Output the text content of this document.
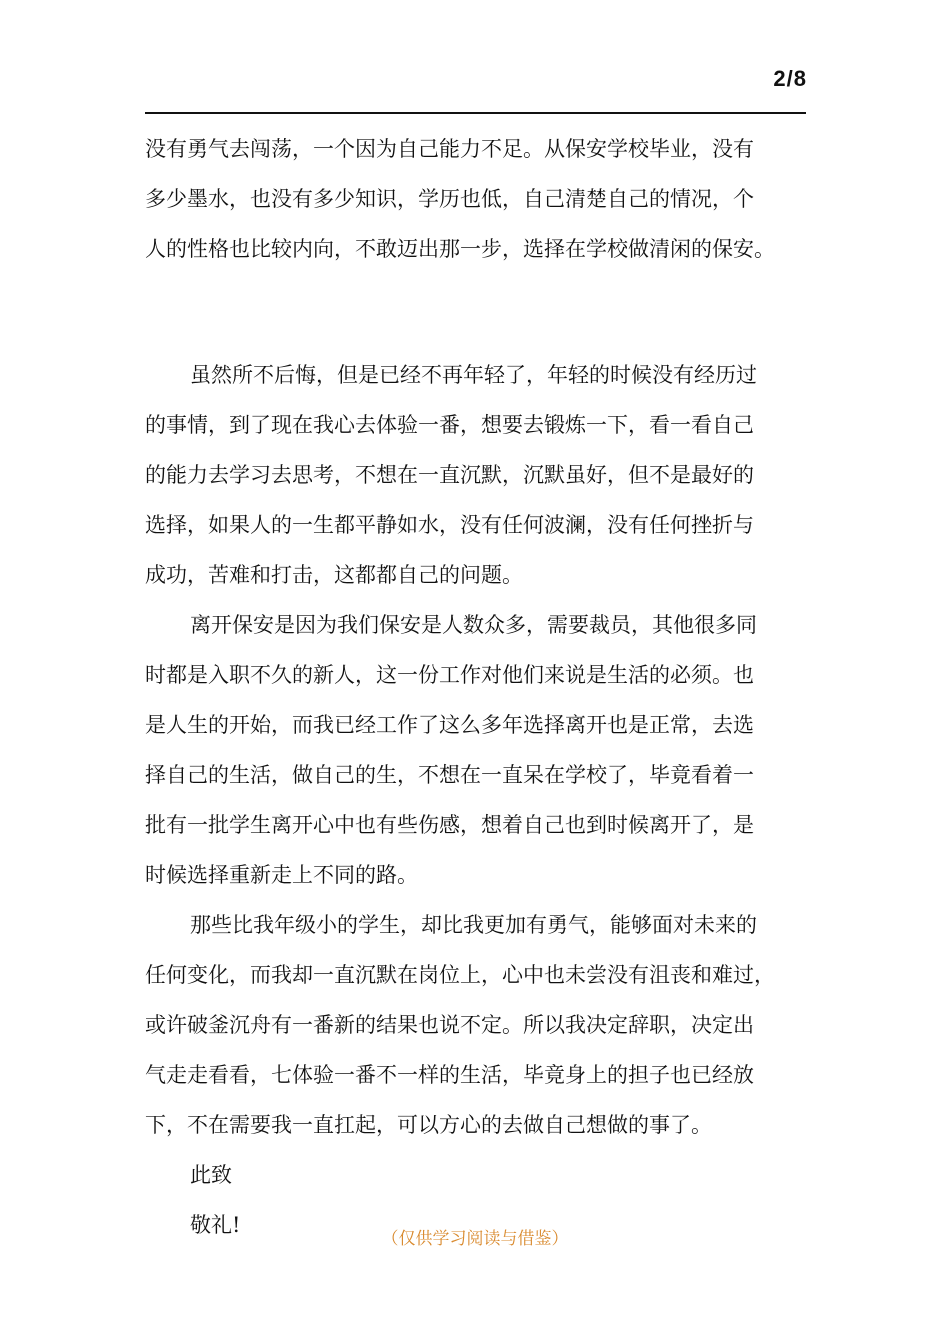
2/8
没有勇气去闯荡，一个因为自己能力不足。从保安学校毕业，没有
多少墨水，也没有多少知识，学历也低，自己清楚自己的情况，个
人的性格也比较内向，不敢迈出那一步，选择在学校做清闲的保安。
虽然所不后悔，但是已经不再年轻了，年轻的时候没有经历过
的事情，到了现在我心去体验一番，想要去锻炼一下，看一看自己
的能力去学习去思考，不想在一直沉默，沉默虽好，但不是最好的
选择，如果人的一生都平静如水，没有任何波澜，没有任何挫折与
成功，苦难和打击，这都都自己的问题。
离开保安是因为我们保安是人数众多，需要裁员，其他很多同
时都是入职不久的新人，这一份工作对他们来说是生活的必须。也
是人生的开始，而我已经工作了这么多年选择离开也是正常，去选
择自己的生活，做自己的生，不想在一直呆在学校了，毕竟看着一
批有一批学生离开心中也有些伤感，想着自己也到时候离开了，是
时候选择重新走上不同的路。
那些比我年级小的学生，却比我更加有勇气，能够面对未来的
任何变化，而我却一直沉默在岗位上，心中也未尝没有沮丧和难过，
或许破釜沉舟有一番新的结果也说不定。所以我决定辞职，决定出
气走走看看，七体验一番不一样的生活，毕竟身上的担子也已经放
下，不在需要我一直扛起，可以方心的去做自己想做的事了。
此致
敬礼!
（仅供学习阅读与借鉴）
